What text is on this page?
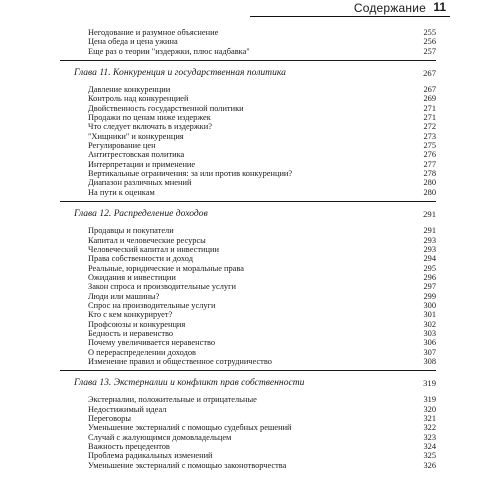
Содержание 11
Негодование и разумное объяснение	255
Цена обеда и цена ужина	256
Еще раз о теории "издержки, плюс надбавка"	257
Глава 11. Конкуренция и государственная политика	267
Давление конкуренции	267
Контроль над конкуренцией	269
Двойственность государственной политики	271
Продажи по ценам ниже издержек	271
Что следует включать в издержки?	272
"Хищники" и конкуренция	273
Регулирование цен	275
Антитрестовская политика	276
Интерпретации и применение	277
Вертикальные ограничения: за или против конкуренции?	278
Диапазон различных мнений	280
На пути к оценкам	280
Глава 12. Распределение доходов	291
Продавцы и покупатели	291
Капитал и человеческие ресурсы	293
Человеческий капитал и инвестиции	293
Права собственности и доход	294
Реальные, юридические и моральные права	295
Ожидания и инвестиции	296
Закон спроса и производительные услуги	297
Люди или машины?	299
Спрос на производительные услуги	300
Кто с кем конкурирует?	301
Профсоюзы и конкуренция	302
Бедность и неравенство	303
Почему увеличивается неравенство	306
О перераспределении доходов	307
Изменение правил и общественное сотрудничество	308
Глава 13. Экстерналии и конфликт прав собственности	319
Экстерналии, положительные и отрицательные	319
Недостижимый идеал	320
Переговоры	321
Уменьшение экстерналий с помощью судебных решений	322
Случай с жалующимся домовладельцем	323
Важность прецедентов	324
Проблема радикальных изменений	325
Уменьшение экстерналий с помощью законотворчества	326
